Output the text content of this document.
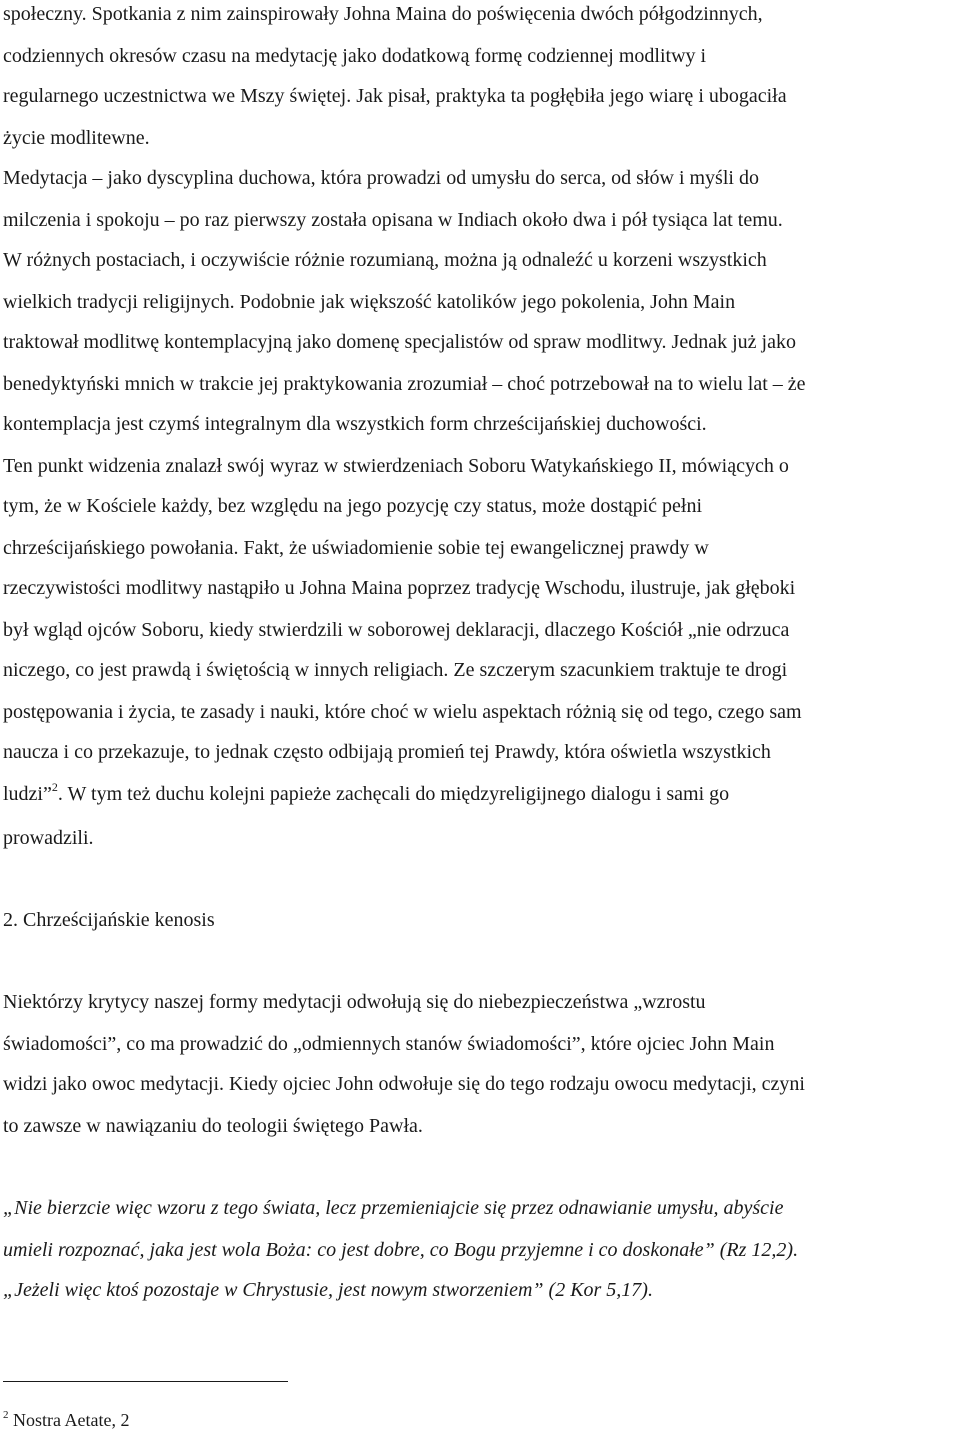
społeczny. Spotkania z nim zainspirowały Johna Maina do poświęcenia dwóch półgodzinnych,
codziennych okresów czasu na medytację jako dodatkową formę codziennej modlitwy i
regularnego uczestnictwa we Mszy świętej. Jak pisał, praktyka ta pogłębiła jego wiarę i ubogaciła
życie modlitewne.
Medytacja – jako dyscyplina duchowa, która prowadzi od umysłu do serca, od słów i myśli do
milczenia i spokoju – po raz pierwszy została opisana w Indiach około dwa i pół tysiąca lat temu.
W różnych postaciach, i oczywiście różnie rozumianą, można ją odnaleźć u korzeni wszystkich
wielkich tradycji religijnych. Podobnie jak większość katolików jego pokolenia, John Main
traktował modlitwę kontemplacyjną jako domenę specjalistów od spraw modlitwy. Jednak już jako
benedyktyński mnich w trakcie jej praktykowania zrozumiał – choć potrzebował na to wielu lat – że
kontemplacja jest czymś integralnym dla wszystkich form chrześcijańskiej duchowości.
Ten punkt widzenia znalazł swój wyraz w stwierdzeniach Soboru Watykańskiego II, mówiących o
tym, że w Kościele każdy, bez względu na jego pozycję czy status, może dostąpić pełni
chrześcijańskiego powołania. Fakt, że uświadomienie sobie tej ewangelicznej prawdy w
rzeczywistości modlitwy nastąpiło u Johna Maina poprzez tradycję Wschodu, ilustruje, jak głęboki
był wgląd ojców Soboru, kiedy stwierdzili w soborowej deklaracji, dlaczego Kościół „nie odrzuca
niczego, co jest prawdą i świętością w innych religiach. Ze szczerym szacunkiem traktuje te drogi
postępowania i życia, te zasady i nauki, które choć w wielu aspektach różnią się od tego, czego sam
naucza i co przekazuje, to jednak często odbijają promień tej Prawdy, która oświetla wszystkich
ludzi”$^2$. W tym też duchu kolejni papieże zachęcali do międzyreligijnego dialogu i sami go
prowadzili.
2. Chrześcijańskie kenosis
Niektórzy krytycy naszej formy medytacji odwołują się do niebezpieczeństwa „wzrostu
świadomości”, co ma prowadzić do „odmiennych stanów świadomości”, które ojciec John Main
widzi jako owoc medytacji. Kiedy ojciec John odwołuje się do tego rodzaju owocu medytacji, czyni
to zawsze w nawiązaniu do teologii świętego Pawła.
„Nie bierzcie więc wzoru z tego świata, lecz przemieniajcie się przez odnawianie umysłu, abyście
umieli rozpoznać, jaka jest wola Boża: co jest dobre, co Bogu przyjemne i co doskonałe” (Rz 12,2).
„Jeżeli więc ktoś pozostaje w Chrystusie, jest nowym stworzeniem” (2 Kor 5,17).
$^2$ Nostra Aetate, 2
